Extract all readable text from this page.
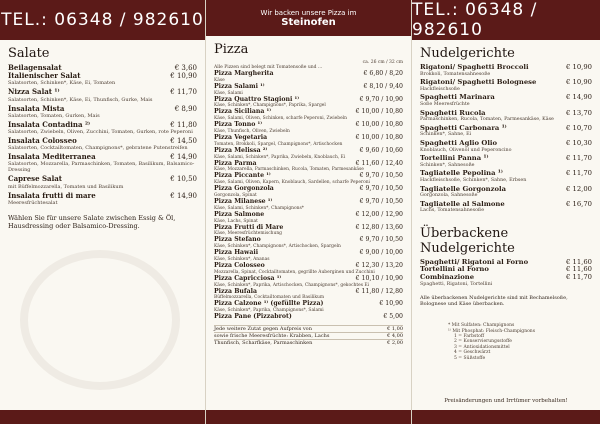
TEL.: 06348 / 982610
Salate
Beilagensalat	€ 3,60
Italienischer Salat	€ 10,90
Salatsorten, Schinken*, Käse, Ei, Tomaten
Nizza Salat ¹⁾	€ 11,70
Salatsorten, Schinken*, Käse, Ei, Thunfisch, Gurke, Mais
Insalata Mista	€ 8,90
Salatsorten, Tomaten, Gurken, Mais
Insalata Contadina ²⁾	€ 11,80
Salatsorten, Zwiebeln, Oliven, Zucchini, Tomaten, Gurken, rote Peperoni
Insalata Colosseo	€ 14,50
Salatsorten, Cocktailtomaten, Champignons*, gebratene Putenstreifen
Insalata Mediterranea	€ 14,90
Salatsorten, Mozzarella, Parmaschinken, Tomaten, Basilikum, Balsamico-Dressing
Caprese Salat	€ 10,50
mit Büffelmozzarella, Tomaten und Basilikum
Insalata frutti di mare	€ 14,90
Meeresfrüchtesalat
Wählen Sie für unsere Salate zwischen Essig & Öl, Hausdressing oder Balsamico-Dressing.
Wir backen unsere Pizza im
Steinofen
Pizza
ca. 26 cm / 32 cm
Alle Pizzen sind belegt mit Tomatensoße und ...
Pizza Margherita	€ 6,80 / 8,20
Käse
Pizza Salami ¹⁾	€ 8,10 / 9,40
Käse, Salami
Pizza Quattro Stagioni ¹⁾	€ 9,70 / 10,90
Käse, Schinken*, Champignons*, Paprika, Spargel
Pizza Siciliana ¹⁾	€ 10,00 / 10,80
Käse, Salami, Oliven, Schinken, scharfe Peperoni, Zwiebeln
Pizza Tonno ¹⁾	€ 10,00 / 10,80
Käse, Thunfisch, Oliven, Zwiebeln
Pizza Vegetaria	€ 10,00 / 10,80
Tomaten, Brokkoli, Spargel, Champignons*, Artischocken
Pizza Melissa ²⁾	€ 9,60 / 10,60
Käse, Salami, Schinken*, Paprika, Zwiebeln, Knoblauch, Ei
Pizza Parma	€ 11,60 / 12,40
Käse, Mozzarella, Parmaschinken, Rucola, Tomaten, Parmesankäse
Pizza Piccante ¹⁾	€ 9,70 / 10,50
Käse, Salami, Oliven, Kapern, Knoblauch, Sardellen, scharfe Peperoni
Pizza Gorgonzola	€ 9,70 / 10,50
Gorgonzola, Spinat
Pizza Milanese ¹⁾	€ 9,70 / 10,50
Käse, Salami, Schinken*, Champignons*
Pizza Salmone	€ 12,00 / 12,90
Käse, Lachs, Spinat
Pizza Frutti di Mare	€ 12,80 / 13,60
Käse, Meeresfrüchtemischung
Pizza Stefano	€ 9,70 / 10,50
Käse, Schinken*, Champignons*, Artischocken, Spargeln
Pizza Hawaii	€ 9,00 / 10,00
Käse, Schinken*, Ananas
Pizza Colosseo	€ 12,30 / 13,20
Mozzarella, Spinat, Cocktailtomaten, gegrillte Auberginen und Zucchini
Pizza Capricciosa ¹⁾	€ 10,10 / 10,90
Käse, Schinken*, Paprika, Artischocken, Champignons*, gekochtes Ei
Pizza Bufala	€ 11,80 / 12,80
Büffelmozzarella, Cocktailtomaten und Basilikum
Pizza Calzone ¹⁾ (gefüllte Pizza)	€ 10,90
Käse, Schinken*, Paprika, Champignons*, Salami
Pizza Pane (Pizzabrot)	€ 5,00
Jede weitere Zutat gegen Aufpreis von	€ 1,00
sowie frische Meeresfrüchte: Krabben, Lachs	€ 4,00
Thunfisch, Scharfkäse, Parmaschinken	€ 2,00
TEL.: 06348 / 982610
Nudelgerichte
Rigatoni/ Spaghetti Broccoli	€ 10,90
Brokkoli, Tomatensahnesoße
Rigatoni/ Spaghetti Bolognese	€ 10,90
Hackfleischsoße
Spaghetti Marinara	€ 14,90
Soße Meeresfrüchte
Spaghetti Rucola	€ 13,70
Parmaschinken, Rucola, Tomaten, Parmesankäse, Käse
Spaghetti Carbonara ¹⁾	€ 10,70
Schinken*, Sahne, Ei
Spaghetti Aglio Olio	€ 10,30
Knoblauch, Olivenöl und Peperoncino
Tortellini Panna ¹⁾	€ 11,70
Schinken*, Sahnesoße
Tagliatelle Pepolina ¹⁾	€ 11,70
Hackfleischsoße, Schinken*, Sahne, Erbsen
Tagliatelle Gorgonzola	€ 12,00
Gorgonzola, Sahnesoße
Tagliatelle al Salmone	€ 16,70
Lachs, Tomatensahnesoße
Überbackene Nudelgerichte
Spaghetti/ Rigatoni al Forno	€ 11,60
Tortellini al Forno	€ 11,60
Combinazione	€ 11,70
Spaghetti, Rigatoni, Tortellini
Alle überbackenen Nudelgerichte sind mit Bechamelsoße, Bolognese und Käse überbacken.
* Mit Sulfaten: Champignons
¹⁾ Mit Phosphat: Fleisch-Champignons
1 = Farbstoff
2 = Konservierungsstoffe
3 = Antioxidationsmittel
4 = Geschwärzt
5 = Süßstoffe
Preisänderungen und Irrtümer vorbehalten!
